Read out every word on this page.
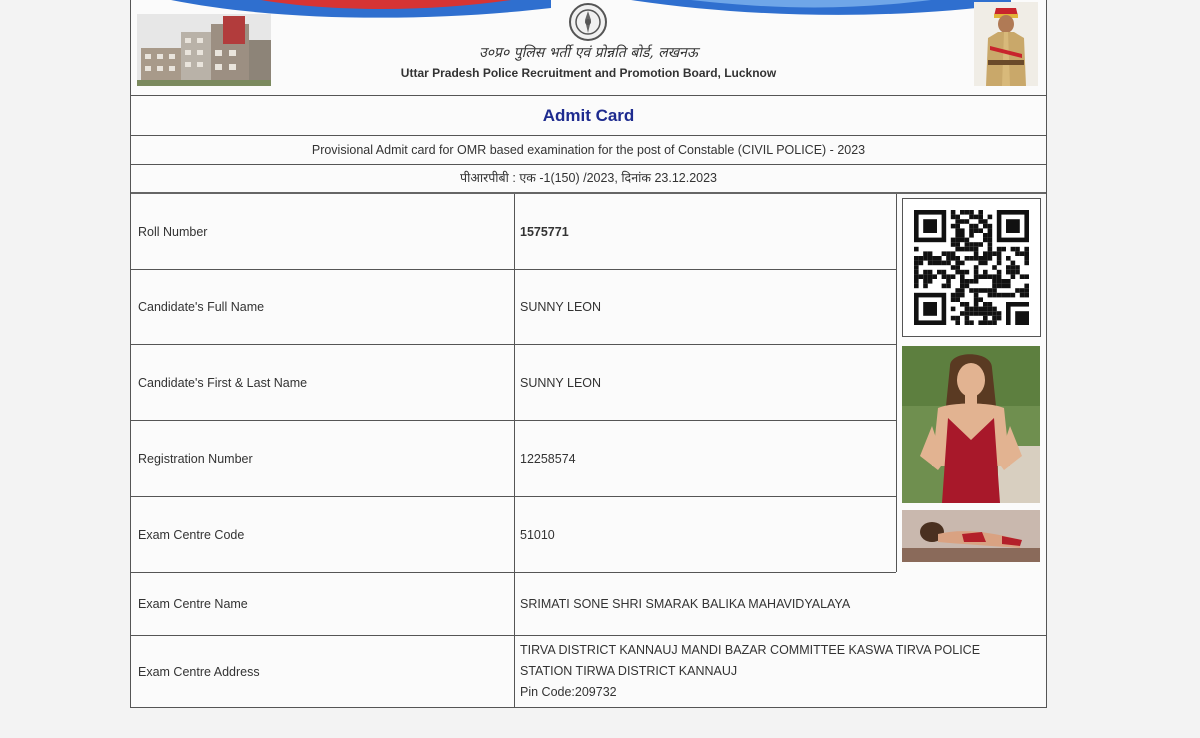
उ०प्र० पुलिस भर्ती एवं प्रोन्नति बोर्ड, लखनऊ
Uttar Pradesh Police Recruitment and Promotion Board, Lucknow
Admit Card
Provisional Admit card for OMR based examination for the post of Constable (CIVIL POLICE) - 2023
पीआरपीबी : एक -1(150) /2023, दिनांक 23.12.2023
Roll Number	1575771
Candidate's Full Name	SUNNY LEON
Candidate's First & Last Name	SUNNY LEON
Registration Number	12258574
Exam Centre Code	51010
Exam Centre Name	SRIMATI SONE SHRI SMARAK BALIKA MAHAVIDYALAYA
Exam Centre Address
TIRVA DISTRICT KANNAUJ MANDI BAZAR COMMITTEE KASWA TIRVA POLICE
STATION TIRWA DISTRICT KANNAUJ
Pin Code:209732
